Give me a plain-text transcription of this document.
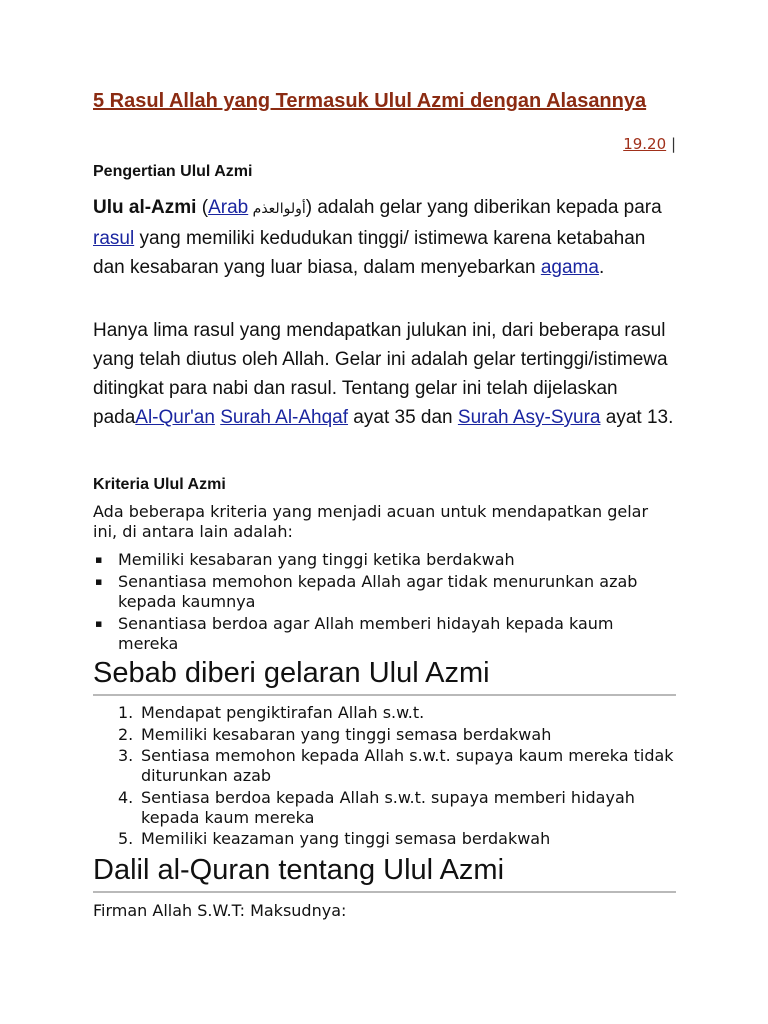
5 Rasul Allah yang Termasuk Ulul Azmi dengan Alasannya
19.20 |
Pengertian Ulul Azmi

Ulu al-Azmi (Arab أولوالعذم) adalah gelar yang diberikan kepada para rasul yang memiliki kedudukan tinggi/ istimewa karena ketabahan dan kesabaran yang luar biasa, dalam menyebarkan agama.

Hanya lima rasul yang mendapatkan julukan ini, dari beberapa rasul yang telah diutus oleh Allah. Gelar ini adalah gelar tertinggi/istimewa ditingkat para nabi dan rasul. Tentang gelar ini telah dijelaskan padaAl-Qur'an Surah Al-Ahqaf ayat 35 dan Surah Asy-Syura ayat 13.

Kriteria Ulul Azmi

Ada beberapa kriteria yang menjadi acuan untuk mendapatkan gelar ini, di antara lain adalah:

▪ Memiliki kesabaran yang tinggi ketika berdakwah
▪ Senantiasa memohon kepada Allah agar tidak menurunkan azab kepada kaumnya
▪ Senantiasa berdoa agar Allah memberi hidayah kepada kaum mereka
Sebab diberi gelaran Ulul Azmi
1. Mendapat pengiktirafan Allah s.w.t.
2. Memiliki kesabaran yang tinggi semasa berdakwah
3. Sentiasa memohon kepada Allah s.w.t. supaya kaum mereka tidak diturunkan azab
4. Sentiasa berdoa kepada Allah s.w.t. supaya memberi hidayah kepada kaum mereka
5. Memiliki keazaman yang tinggi semasa berdakwah
Dalil al-Quran tentang Ulul Azmi

Firman Allah S.W.T: Maksudnya:
